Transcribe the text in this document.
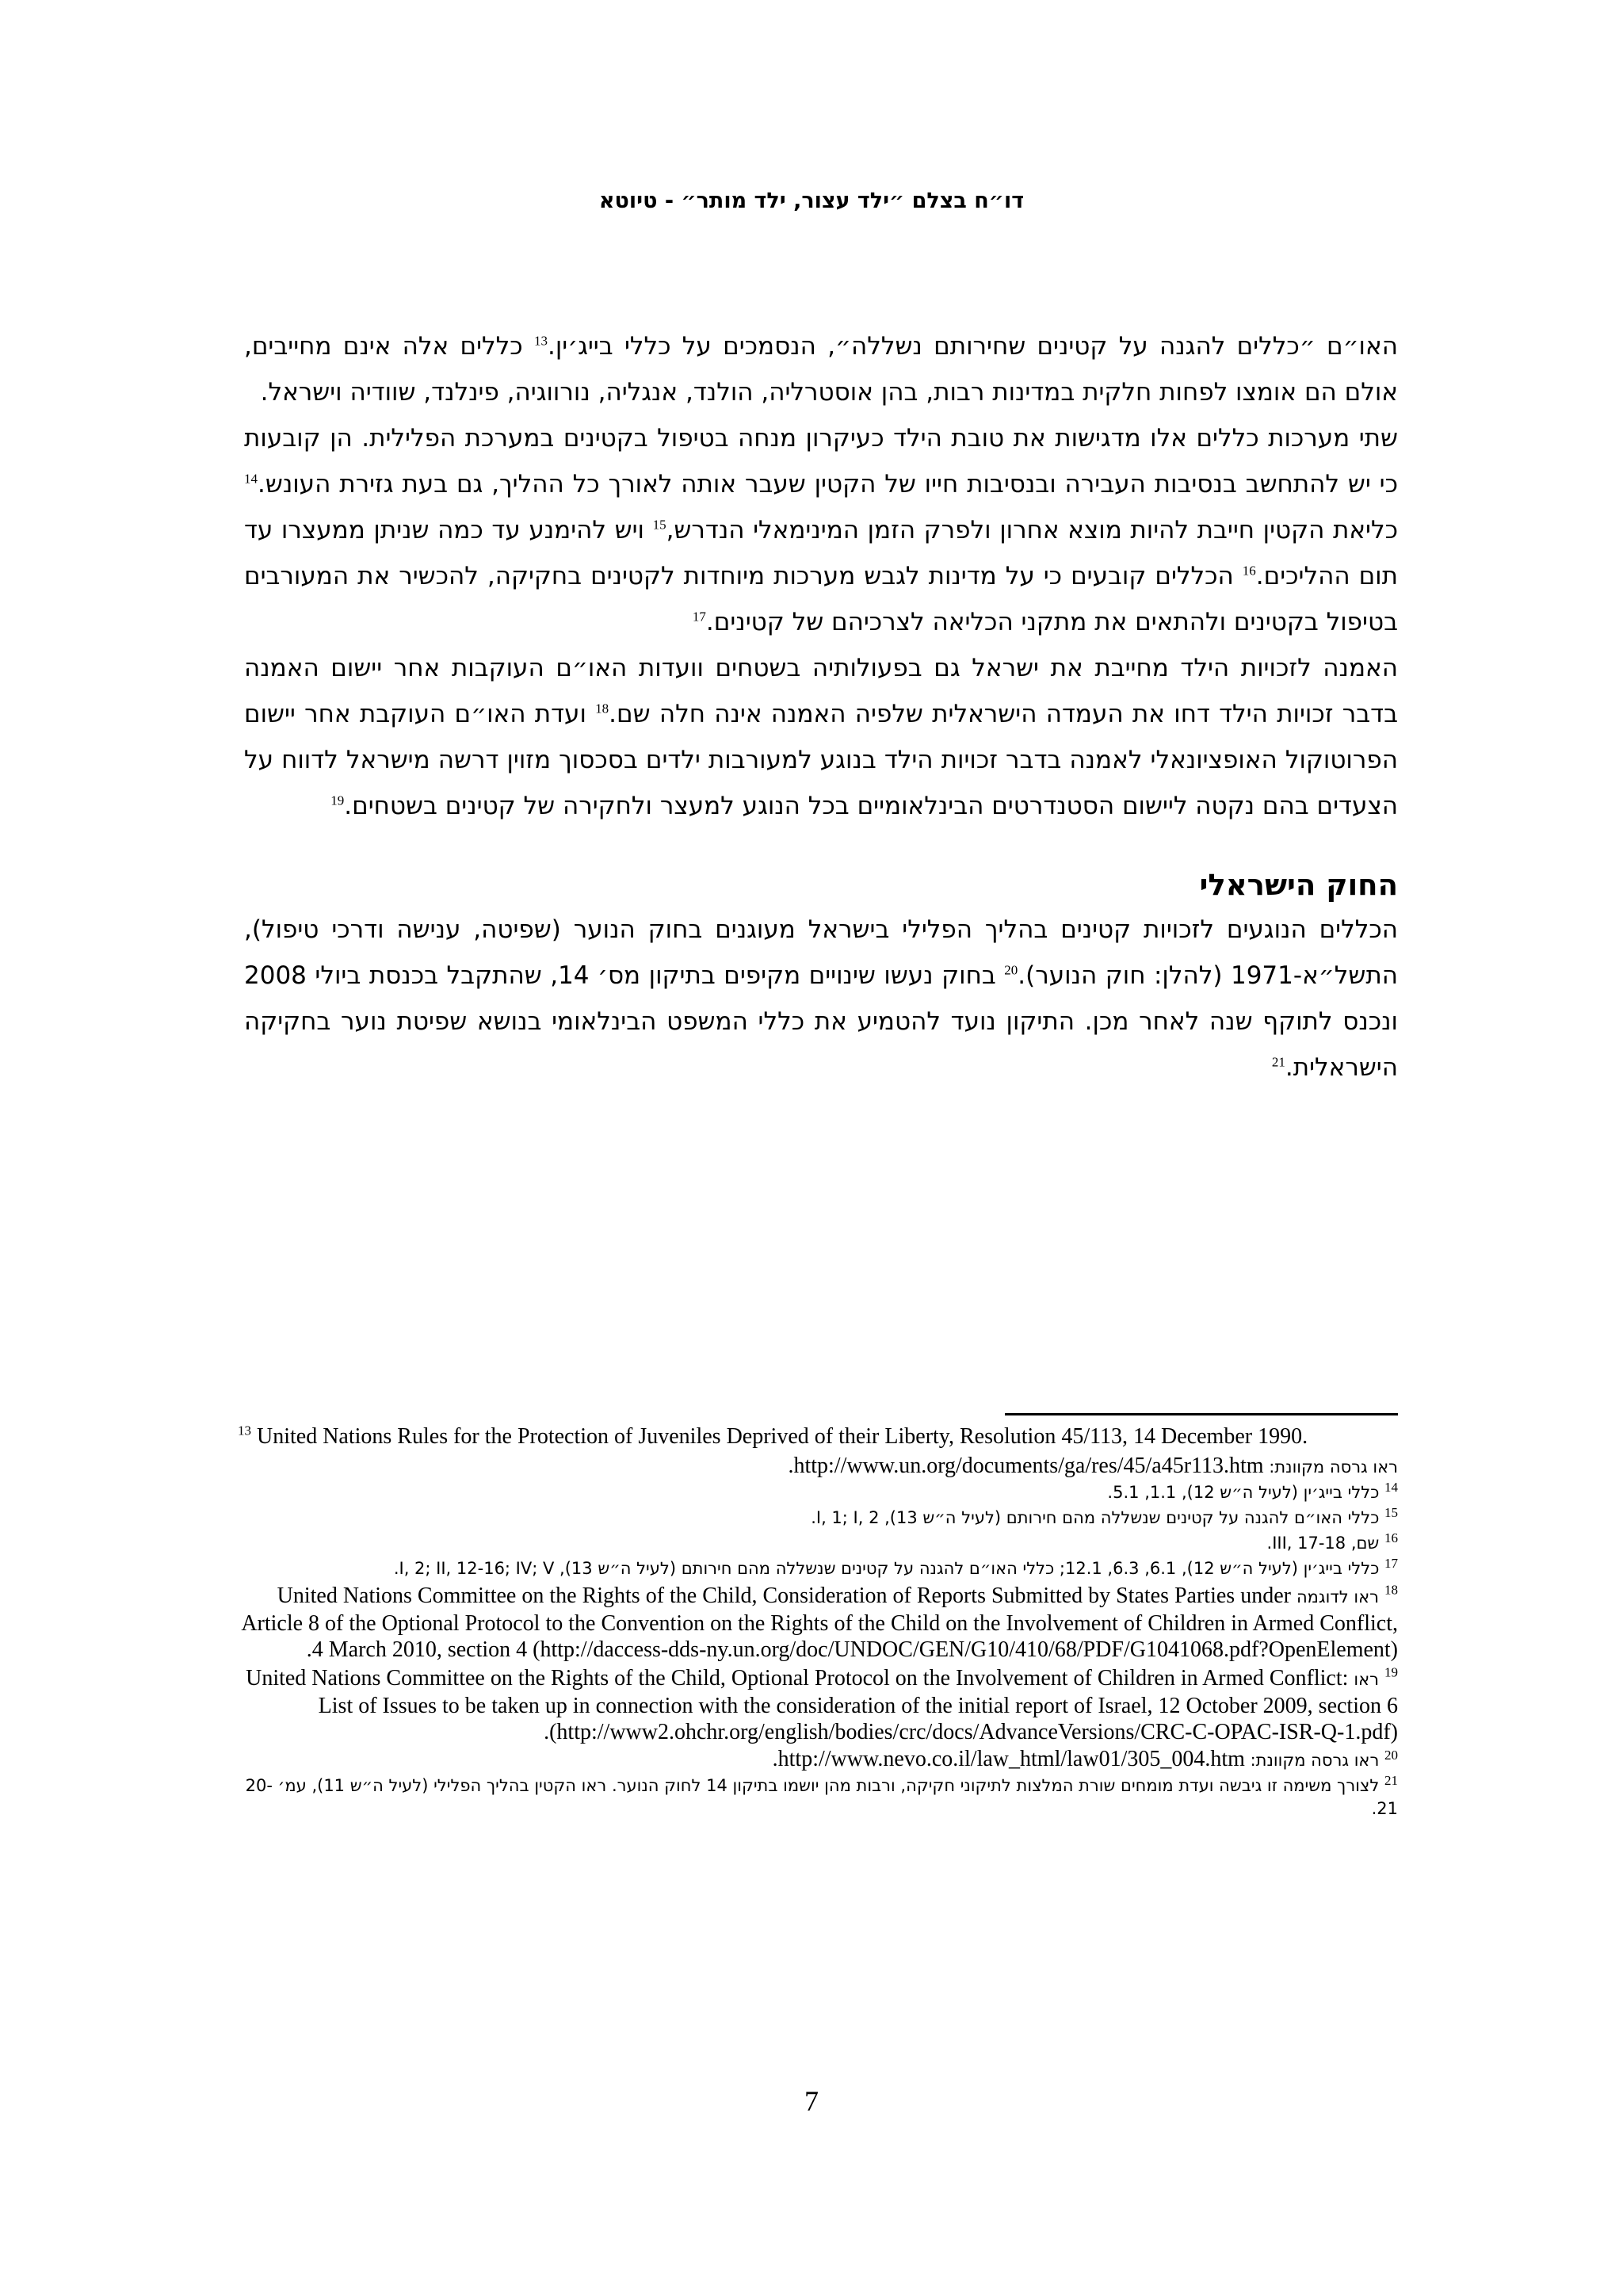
דו״ח בצלם ״ילד עצור, ילד מותר״ - טיוטא

האו״ם ״כללים להגנה על קטינים שחירותם נשללה״, הנסמכים על כללי בייג׳ין.$^{13}$ כללים אלה אינם מחייבים, אולם הם אומצו לפחות חלקית במדינות רבות, בהן אוסטרליה, הולנד, אנגליה, נורווגיה, פינלנד, שוודיה וישראל.

שתי מערכות כללים אלו מדגישות את טובת הילד כעיקרון מנחה בטיפול בקטינים במערכת הפלילית. הן קובעות כי יש להתחשב בנסיבות העבירה ובנסיבות חייו של הקטין שעבר אותה לאורך כל ההליך, גם בעת גזירת העונש.$^{14}$ כליאת הקטין חייבת להיות מוצא אחרון ולפרק הזמן המינימאלי הנדרש,$^{15}$ ויש להימנע עד כמה שניתן ממעצרו עד תום ההליכים.$^{16}$ הכללים קובעים כי על מדינות לגבש מערכות מיוחדות לקטינים בחקיקה, להכשיר את המעורבים בטיפול בקטינים ולהתאים את מתקני הכליאה לצרכיהם של קטינים.$^{17}$

האמנה לזכויות הילד מחייבת את ישראל גם בפעולותיה בשטחים וועדות האו״ם העוקבות אחר יישום האמנה בדבר זכויות הילד דחו את העמדה הישראלית שלפיה האמנה אינה חלה שם.$^{18}$ ועדת האו״ם העוקבת אחר יישום הפרוטוקול האופציונאלי לאמנה בדבר זכויות הילד בנוגע למעורבות ילדים בסכסוך מזוין דרשה מישראל לדווח על הצעדים בהם נקטה ליישום הסטנדרטים הבינלאומיים בכל הנוגע למעצר ולחקירה של קטינים בשטחים.$^{19}$

החוק הישראלי

הכללים הנוגעים לזכויות קטינים בהליך הפלילי בישראל מעוגנים בחוק הנוער (שפיטה, ענישה ודרכי טיפול), התשל״א-1971 (להלן: חוק הנוער).$^{20}$ בחוק נעשו שינויים מקיפים בתיקון מס׳ 14, שהתקבל בכנסת ביולי 2008 ונכנס לתוקף שנה לאחר מכן. התיקון נועד להטמיע את כללי המשפט הבינלאומי בנושא שפיטת נוער בחקיקה הישראלית.$^{21}$

$^{13}$ United Nations Rules for the Protection of Juveniles Deprived of their Liberty, Resolution 45/113, 14 December 1990.
ראו גרסה מקוונת: http://www.un.org/documents/ga/res/45/a45r113.htm.
$^{14}$ כללי בייג׳ין (לעיל ה״ש 12), 1.1, 5.1.
$^{15}$ כללי האו״ם להגנה על קטינים שנשללה מהם חירותם (לעיל ה״ש 13), I, 1; I, 2.
$^{16}$ שם, III, 17-18.
$^{17}$ כללי בייג׳ין (לעיל ה״ש 12), 6.1, 6.3, 12.1; כללי האו״ם להגנה על קטינים שנשללה מהם חירותם (לעיל ה״ש 13), I, 2; II, 12-16; IV; V.
$^{18}$ ראו לדוגמה United Nations Committee on the Rights of the Child, Consideration of Reports Submitted by States Parties under Article 8 of the Optional Protocol to the Convention on the Rights of the Child on the Involvement of Children in Armed Conflict, 4 March 2010, section 4 (http://daccess-dds-ny.un.org/doc/UNDOC/GEN/G10/410/68/PDF/G1041068.pdf?OpenElement).
$^{19}$ ראו United Nations Committee on the Rights of the Child, Optional Protocol on the Involvement of Children in Armed Conflict: List of Issues to be taken up in connection with the consideration of the initial report of Israel, 12 October 2009, section 6 (http://www2.ohchr.org/english/bodies/crc/docs/AdvanceVersions/CRC-C-OPAC-ISR-Q-1.pdf).
$^{20}$ ראו גרסה מקוונת: http://www.nevo.co.il/law_html/law01/305_004.htm.
$^{21}$ לצורך משימה זו גיבשה ועדת מומחים שורת המלצות לתיקוני חקיקה, ורבות מהן יושמו בתיקון 14 לחוק הנוער. ראו הקטין בהליך הפלילי (לעיל ה״ש 11), עמ׳ 20-21.
7
